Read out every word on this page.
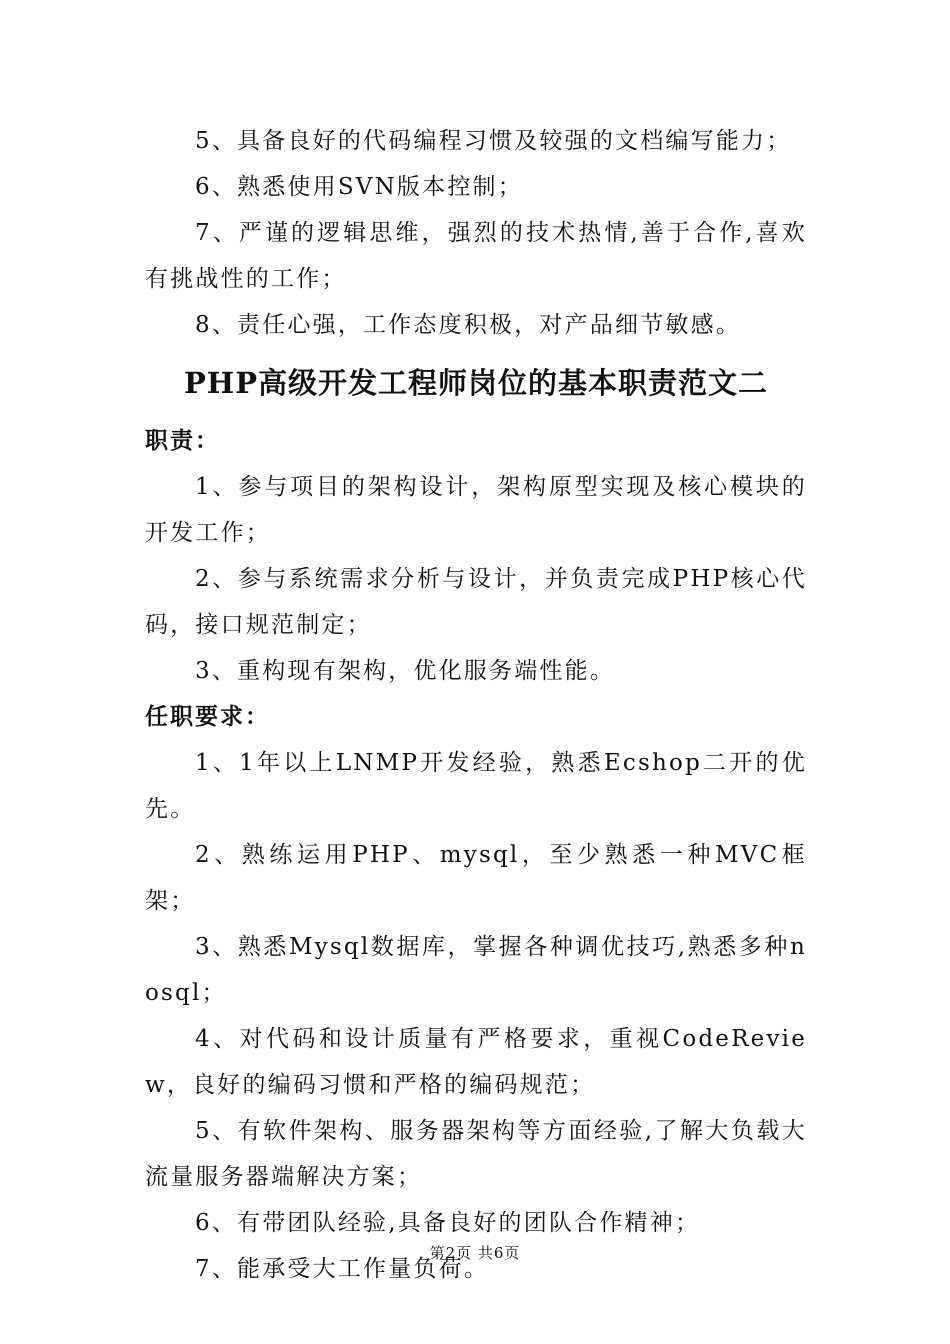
5、具备良好的代码编程习惯及较强的文档编写能力；

6、熟悉使用SVN版本控制；

7、严谨的逻辑思维，强烈的技术热情,善于合作,喜欢有挑战性的工作；

8、责任心强，工作态度积极，对产品细节敏感。

PHP高级开发工程师岗位的基本职责范文二

职责：

1、参与项目的架构设计，架构原型实现及核心模块的开发工作；

2、参与系统需求分析与设计，并负责完成PHP核心代码，接口规范制定；

3、重构现有架构，优化服务端性能。

任职要求：

1、1年以上LNMP开发经验，熟悉Ecshop二开的优先。

2、熟练运用PHP、mysql，至少熟悉一种MVC框架；

3、熟悉Mysql数据库，掌握各种调优技巧,熟悉多种nosql；

4、对代码和设计质量有严格要求，重视CodeReview，良好的编码习惯和严格的编码规范；

5、有软件架构、服务器架构等方面经验,了解大负载大流量服务器端解决方案；

6、有带团队经验,具备良好的团队合作精神；

7、能承受大工作量负荷。

第2页 共6页
